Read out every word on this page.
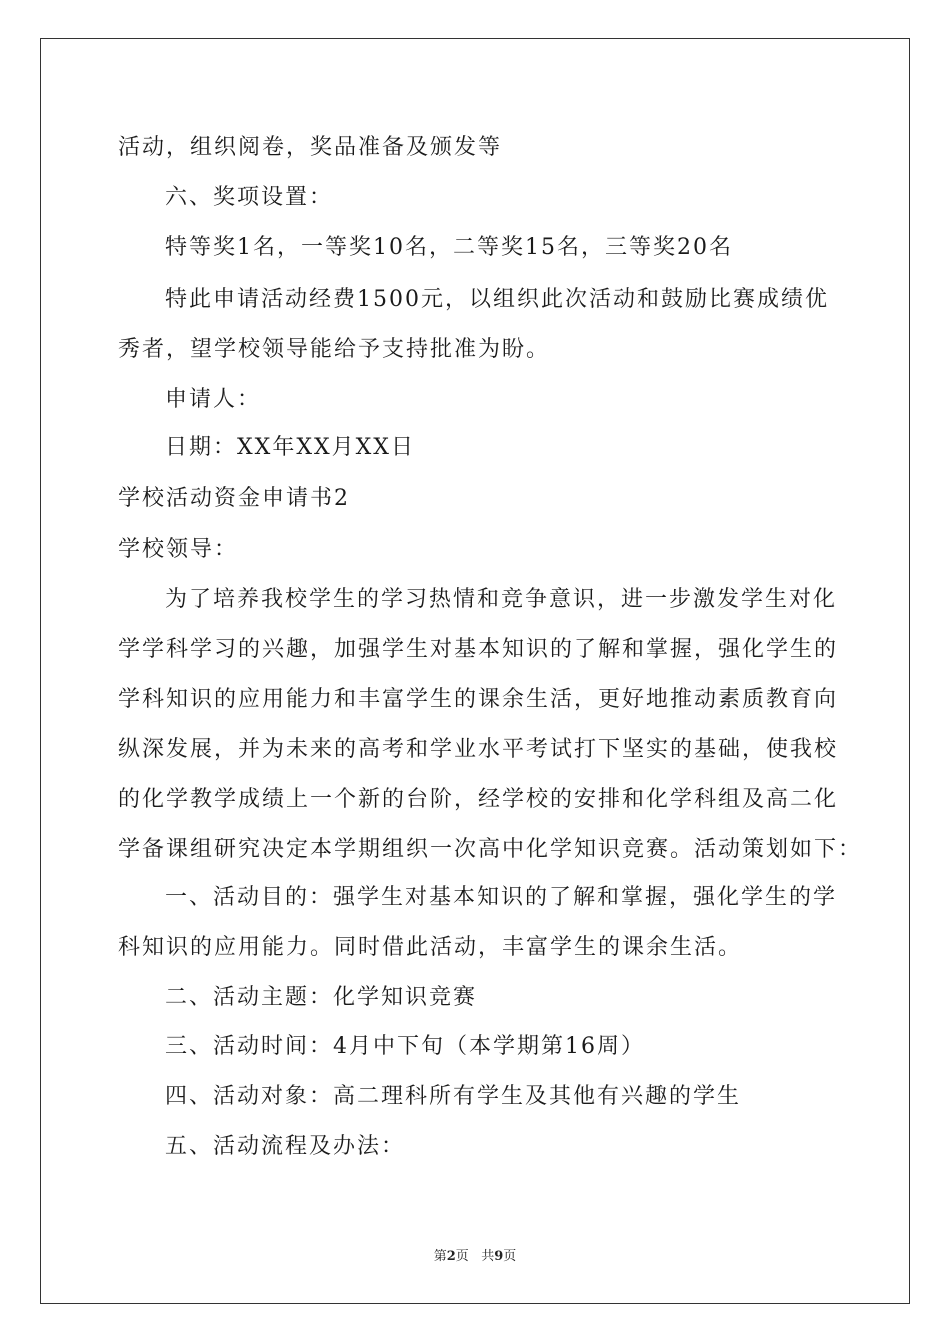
活动，组织阅卷，奖品准备及颁发等
六、奖项设置：
特等奖1名，一等奖10名，二等奖15名，三等奖20名
特此申请活动经费1500元，以组织此次活动和鼓励比赛成绩优
秀者，望学校领导能给予支持批准为盼。
申请人：
日期：XX年XX月XX日
学校活动资金申请书2
学校领导：
为了培养我校学生的学习热情和竞争意识，进一步激发学生对化
学学科学习的兴趣，加强学生对基本知识的了解和掌握，强化学生的
学科知识的应用能力和丰富学生的课余生活，更好地推动素质教育向
纵深发展，并为未来的高考和学业水平考试打下坚实的基础，使我校
的化学教学成绩上一个新的台阶，经学校的安排和化学科组及高二化
学备课组研究决定本学期组织一次高中化学知识竞赛。活动策划如下：
一、活动目的：强学生对基本知识的了解和掌握，强化学生的学
科知识的应用能力。同时借此活动，丰富学生的课余生活。
二、活动主题：化学知识竞赛
三、活动时间：4月中下旬（本学期第16周）
四、活动对象：高二理科所有学生及其他有兴趣的学生
五、活动流程及办法：
第2页   共9页
